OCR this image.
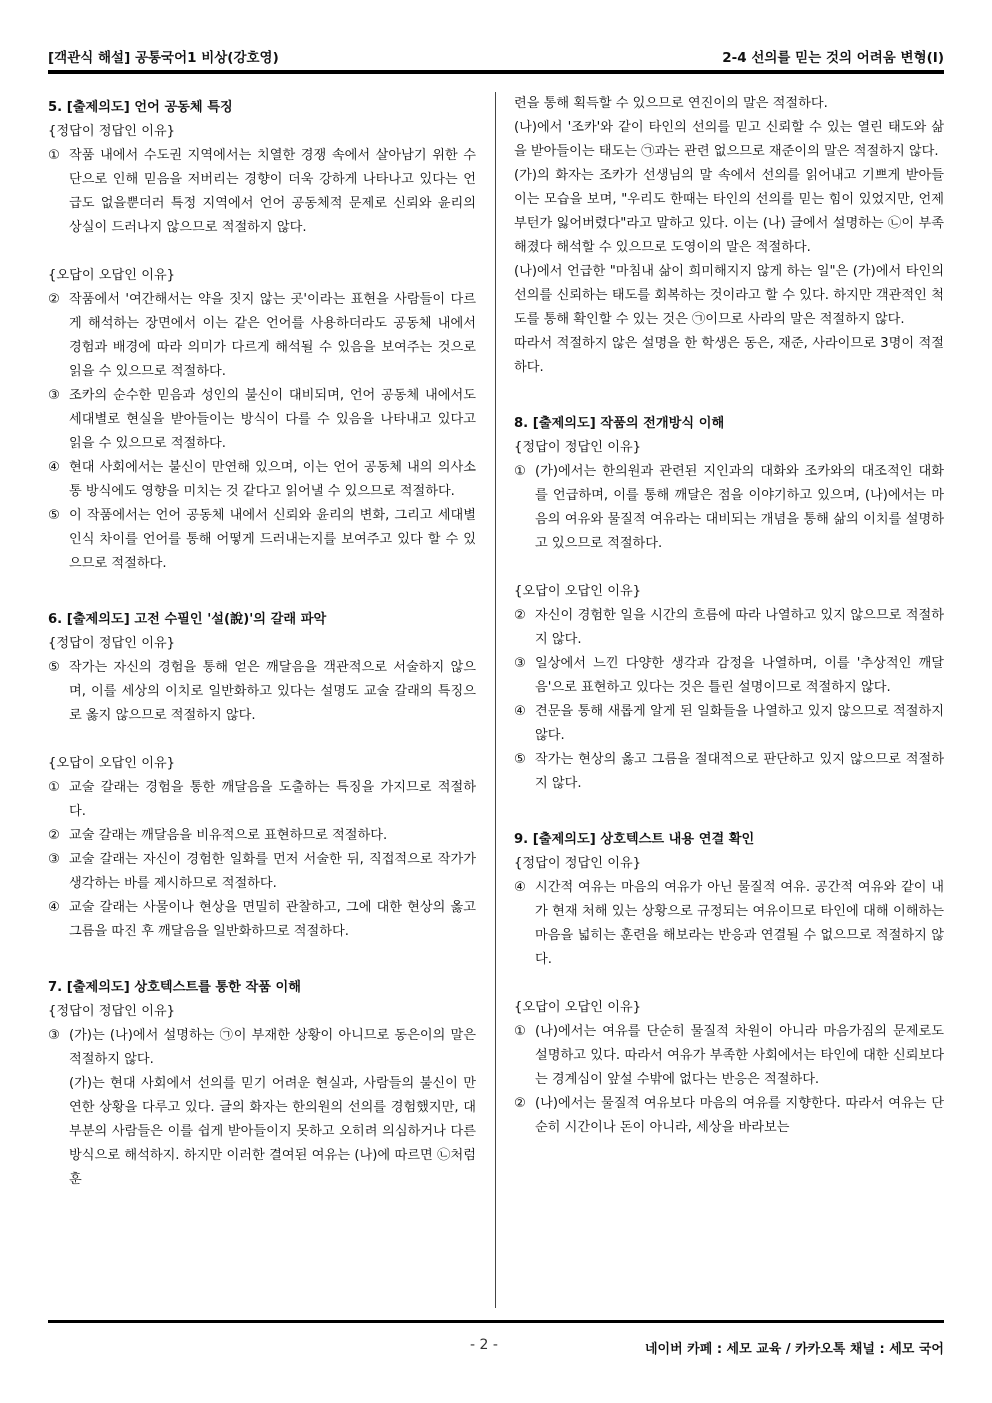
[객관식 해설] 공통국어1 비상(강호영)	2-4 선의를 믿는 것의 어려움 변형(I)
5. [출제의도] 언어 공동체 특징
{정답이 정답인 이유}
① 작품 내에서 수도권 지역에서는 치열한 경쟁 속에서 살아남기 위한 수단으로 인해 믿음을 저버리는 경향이 더욱 강하게 나타나고 있다는 언급도 없을뿐더러 특정 지역에서 언어 공동체적 문제로 신뢰와 윤리의 상실이 드러나지 않으므로 적절하지 않다.
{오답이 오답인 이유}
② 작품에서 '여간해서는 약을 짓지 않는 곳'이라는 표현을 사람들이 다르게 해석하는 장면에서 이는 같은 언어를 사용하더라도 공동체 내에서 경험과 배경에 따라 의미가 다르게 해석될 수 있음을 보여주는 것으로 읽을 수 있으므로 적절하다.
③ 조카의 순수한 믿음과 성인의 불신이 대비되며, 언어 공동체 내에서도 세대별로 현실을 받아들이는 방식이 다를 수 있음을 나타내고 있다고 읽을 수 있으므로 적절하다.
④ 현대 사회에서는 불신이 만연해 있으며, 이는 언어 공동체 내의 의사소통 방식에도 영향을 미치는 것 같다고 읽어낼 수 있으므로 적절하다.
⑤ 이 작품에서는 언어 공동체 내에서 신뢰와 윤리의 변화, 그리고 세대별 인식 차이를 언어를 통해 어떻게 드러내는지를 보여주고 있다 할 수 있으므로 적절하다.
6. [출제의도] 고전 수필인 '설(說)'의 갈래 파악
{정답이 정답인 이유}
⑤ 작가는 자신의 경험을 통해 얻은 깨달음을 객관적으로 서술하지 않으며, 이를 세상의 이치로 일반화하고 있다는 설명도 교술 갈래의 특징으로 옳지 않으므로 적절하지 않다.
{오답이 오답인 이유}
① 교술 갈래는 경험을 통한 깨달음을 도출하는 특징을 가지므로 적절하다.
② 교술 갈래는 깨달음을 비유적으로 표현하므로 적절하다.
③ 교술 갈래는 자신이 경험한 일화를 먼저 서술한 뒤, 직접적으로 작가가 생각하는 바를 제시하므로 적절하다.
④ 교술 갈래는 사물이나 현상을 면밀히 관찰하고, 그에 대한 현상의 옳고 그름을 따진 후 깨달음을 일반화하므로 적절하다.
7. [출제의도] 상호텍스트를 통한 작품 이해
{정답이 정답인 이유}
③ (가)는 (나)에서 설명하는 ㉠이 부재한 상황이 아니므로 동은이의 말은 적절하지 않다.
(가)는 현대 사회에서 선의를 믿기 어려운 현실과, 사람들의 불신이 만연한 상황을 다루고 있다. 글의 화자는 한의원의 선의를 경험했지만, 대부분의 사람들은 이를 쉽게 받아들이지 못하고 오히려 의심하거나 다른 방식으로 해석하지. 하지만 이러한 결여된 여유는 (나)에 따르면 ㉡처럼 훈
련을 통해 획득할 수 있으므로 연진이의 말은 적절하다.
(나)에서 '조카'와 같이 타인의 선의를 믿고 신뢰할 수 있는 열린 태도와 삶을 받아들이는 태도는 ㉠과는 관련 없으므로 재준이의 말은 적절하지 않다.
(가)의 화자는 조카가 선생님의 말 속에서 선의를 읽어내고 기쁘게 받아들이는 모습을 보며, "우리도 한때는 타인의 선의를 믿는 힘이 있었지만, 언제부턴가 잃어버렸다"라고 말하고 있다. 이는 (나) 글에서 설명하는 ㉡이 부족해졌다 해석할 수 있으므로 도영이의 말은 적절하다.
(나)에서 언급한 "마침내 삶이 희미해지지 않게 하는 일"은 (가)에서 타인의 선의를 신뢰하는 태도를 회복하는 것이라고 할 수 있다. 하지만 객관적인 척도를 통해 확인할 수 있는 것은 ㉠이므로 사라의 말은 적절하지 않다.
따라서 적절하지 않은 설명을 한 학생은 동은, 재준, 사라이므로 3명이 적절하다.
8. [출제의도] 작품의 전개방식 이해
{정답이 정답인 이유}
① (가)에서는 한의원과 관련된 지인과의 대화와 조카와의 대조적인 대화를 언급하며, 이를 통해 깨달은 점을 이야기하고 있으며, (나)에서는 마음의 여유와 물질적 여유라는 대비되는 개념을 통해 삶의 이치를 설명하고 있으므로 적절하다.
{오답이 오답인 이유}
② 자신이 경험한 일을 시간의 흐름에 따라 나열하고 있지 않으므로 적절하지 않다.
③ 일상에서 느낀 다양한 생각과 감정을 나열하며, 이를 '추상적인 깨달음'으로 표현하고 있다는 것은 틀린 설명이므로 적절하지 않다.
④ 견문을 통해 새롭게 알게 된 일화들을 나열하고 있지 않으므로 적절하지 않다.
⑤ 작가는 현상의 옳고 그름을 절대적으로 판단하고 있지 않으므로 적절하지 않다.
9. [출제의도] 상호텍스트 내용 연결 확인
{정답이 정답인 이유}
④ 시간적 여유는 마음의 여유가 아닌 물질적 여유. 공간적 여유와 같이 내가 현재 처해 있는 상황으로 규정되는 여유이므로 타인에 대해 이해하는 마음을 넓히는 훈련을 해보라는 반응과 연결될 수 없으므로 적절하지 않다.
{오답이 오답인 이유}
① (나)에서는 여유를 단순히 물질적 차원이 아니라 마음가짐의 문제로도 설명하고 있다. 따라서 여유가 부족한 사회에서는 타인에 대한 신뢰보다는 경계심이 앞설 수밖에 없다는 반응은 적절하다.
② (나)에서는 물질적 여유보다 마음의 여유를 지향한다. 따라서 여유는 단순히 시간이나 돈이 아니라, 세상을 바라보는
- 2 -	네이버 카페 : 세모 교육 / 카카오톡 채널 : 세모 국어
